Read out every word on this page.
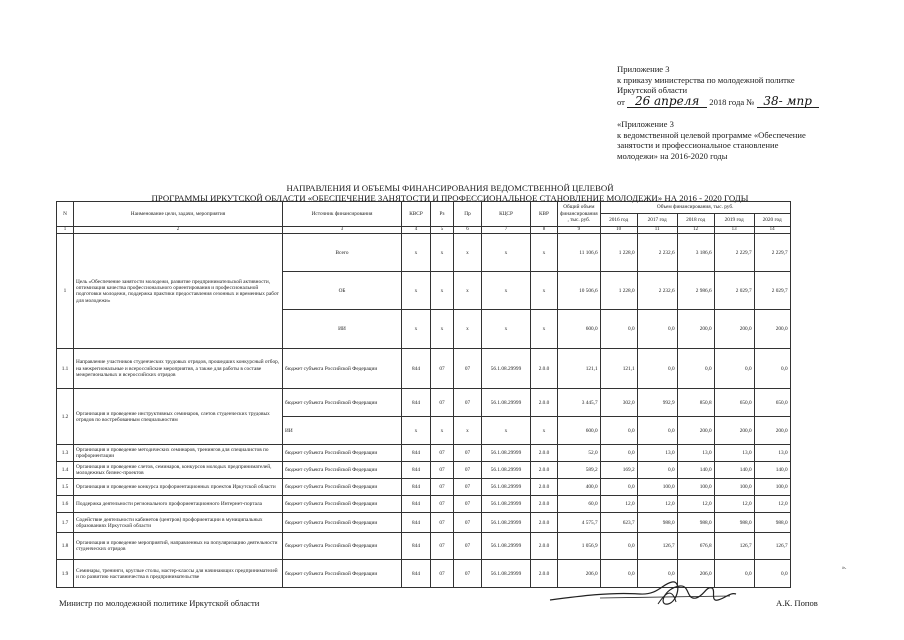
Приложение 3
к приказу министерства по молодежной политке
Иркутской области
от 26 апреля 2018 года № 38- мпр
«Приложение 3
к ведомственной целевой программе «Обеспечение
занятости и профессиональное становление
молодежи» на 2016-2020 годы
НАПРАВЛЕНИЯ И ОБЪЕМЫ ФИНАНСИРОВАНИЯ ВЕДОМСТВЕННОЙ ЦЕЛЕВОЙ
ПРОГРАММЫ ИРКУТСКОЙ ОБЛАСТИ «ОБЕСПЕЧЕНИЕ ЗАНЯТОСТИ И ПРОФЕССИОНАЛЬНОЕ СТАНОВЛЕНИЕ МОЛОДЕЖИ» НА 2016 - 2020 ГОДЫ
N	Наименование цели, задачи, мероприятия	Источник финансирования	КВСР	Рз	Пр	КЦСР	КВР	Общий объем финансирования , тыс. руб.	Объем финансирования, тыс. руб.				
									2016 год	2017 год	2018 год	2019 год	2020 год
1	2	3	4	5	6	7	8	9	10	11	12	13	14
1	Цель «Обеспечение занятости молодежи, развитие предпринимательской активности, оптимизация качества профессионального ориентирования и профессиональной подготовки молодежи, поддержка практики предоставления сезонных и временных работ для молодежи»	Всего	х	х	х	х	х	11 106,6	1 228,0	2 232,6	3 186,6	2 229,7	2 229,7
		ОБ	х	х	х	х	х	10 506,6	1 228,0	2 232,6	2 986,6	2 029,7	2 029,7
		ИИ	х	х	х	х	х	600,0	0,0	0,0	200,0	200,0	200,0
1.1	Направление участников студенческих трудовых отрядов, прошедших конкурсный отбор, на межрегиональные и всероссийские мероприятия, а также для работы в составе межрегиональных и всероссийских отрядов	бюджет субъекта Российской Федерации	844	07	07	56.1.08.29999	2.0.0	121,1	121,1	0,0	0,0	0,0	0,0
1.2	Организация и проведение инструктивных семинаров, слетов студенческих трудовых отрядов по востребованным специальностям	бюджет субъекта Российской Федерации	844	07	07	56.1.08.29999	2.0.0	3 445,7	302,0	992,9	850,8	650,0	650,0
		ИИ	х	х	х	х	х	600,0	0,0	0,0	200,0	200,0	200,0
1.3	Организация и проведение методических семинаров, тренингов для специалистов по профориентации	бюджет субъекта Российской Федерации	844	07	07	56.1.08.29999	2.0.0	52,0	0,0	13,0	13,0	13,0	13,0
1.4	Организация и проведение слетов, семинаров, конкурсов молодых предпринимателей, молодежных бизнес-проектов	бюджет субъекта Российской Федерации	844	07	07	56.1.08.29999	2.0.0	589,2	169,2	0,0	140,0	140,0	140,0
1.5	Организация и проведение конкурса профориентационных проектов Иркутской области	бюджет субъекта Российской Федерации	844	07	07	56.1.08.29999	2.0.0	400,0	0,0	100,0	100,0	100,0	100,0
1.6	Поддержка деятельности регионального профориентационного Интернет-портала	бюджет субъекта Российской Федерации	844	07	07	56.1.08.29999	2.0.0	60,0	12,0	12,0	12,0	12,0	12,0
1.7	Содействие деятельности кабинетов (центров) профориентации в муниципальных образованиях Иркутской области	бюджет субъекта Российской Федерации	844	07	07	56.1.08.29999	2.0.0	4 575,7	623,7	988,0	988,0	988,0	988,0
1.8	Организация и проведение мероприятий, направленных на популяризацию деятельности студенческих отрядов	бюджет субъекта Российской Федерации	844	07	07	56.1.08.29999	2.0.0	1 056,9	0,0	126,7	676,8	126,7	126,7
1.9	Семинары, тренинги, круглые столы, мастер-классы для начинающих предпринимателей и по развитию наставничества в предпринимательстве	бюджет субъекта Российской Федерации	844	07	07	56.1.08.29999	2.0.0	206,0	0,0	0,0	206,0	0,0	0,0
».
Министр по молодежной политике Иркутской области	А.К. Попов
